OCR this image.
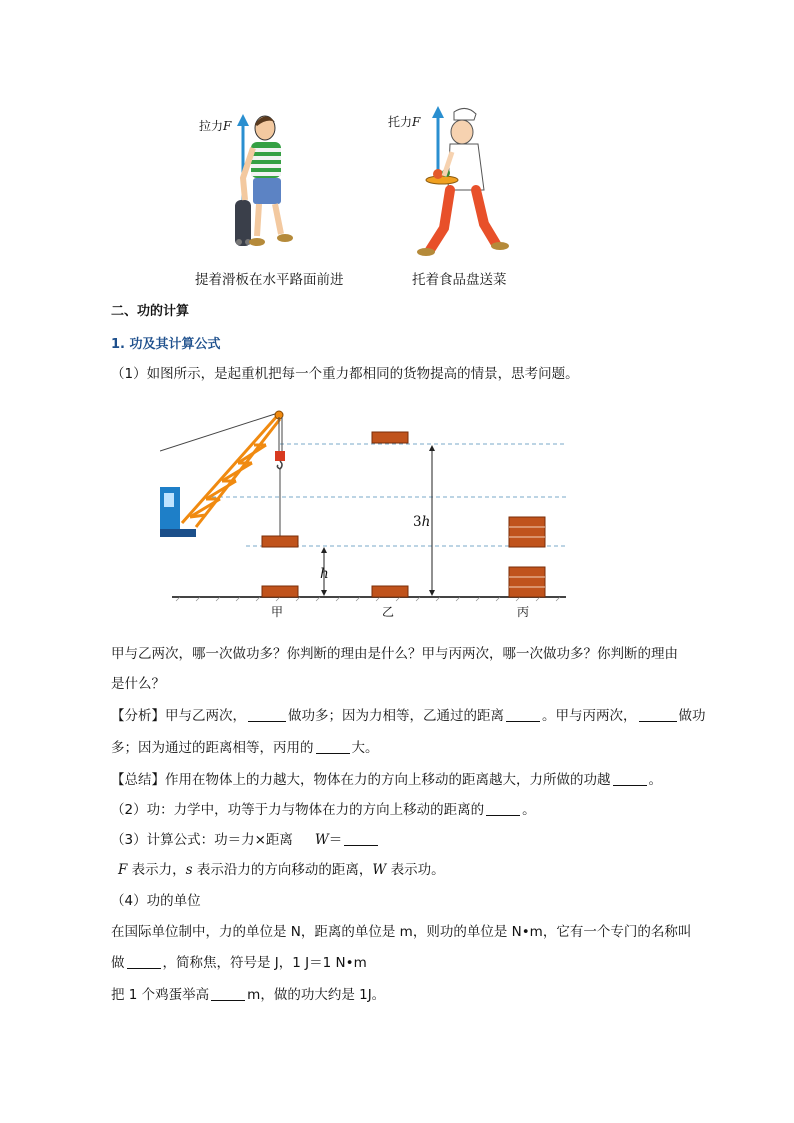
拉力F	托力F
提着滑板在水平路面前进	托着食品盘送菜
二、功的计算
1. 功及其计算公式
（1）如图所示，是起重机把每一个重力都相同的货物提高的情景，思考问题。
h
3h
甲	乙	丙
甲与乙两次，哪一次做功多？你判断的理由是什么？甲与丙两次，哪一次做功多？你判断的理由
是什么？
【分析】甲与乙两次，	做功多；因为力相等，乙通过的距离	。甲与丙两次，	做功
多；因为通过的距离相等，丙用的	大。
【总结】作用在物体上的力越大，物体在力的方向上移动的距离越大，力所做的功越	。
（2）功：力学中，功等于力与物体在力的方向上移动的距离的	。
（3）计算公式：功＝力×距离 W＝
F 表示力，s 表示沿力的方向移动的距离，W 表示功。
（4）功的单位
在国际单位制中，力的单位是 N，距离的单位是 m，则功的单位是 N•m，它有一个专门的名称叫
做	，简称焦，符号是 J，1 J＝1 N•m
把 1 个鸡蛋举高	m，做的功大约是 1J。
